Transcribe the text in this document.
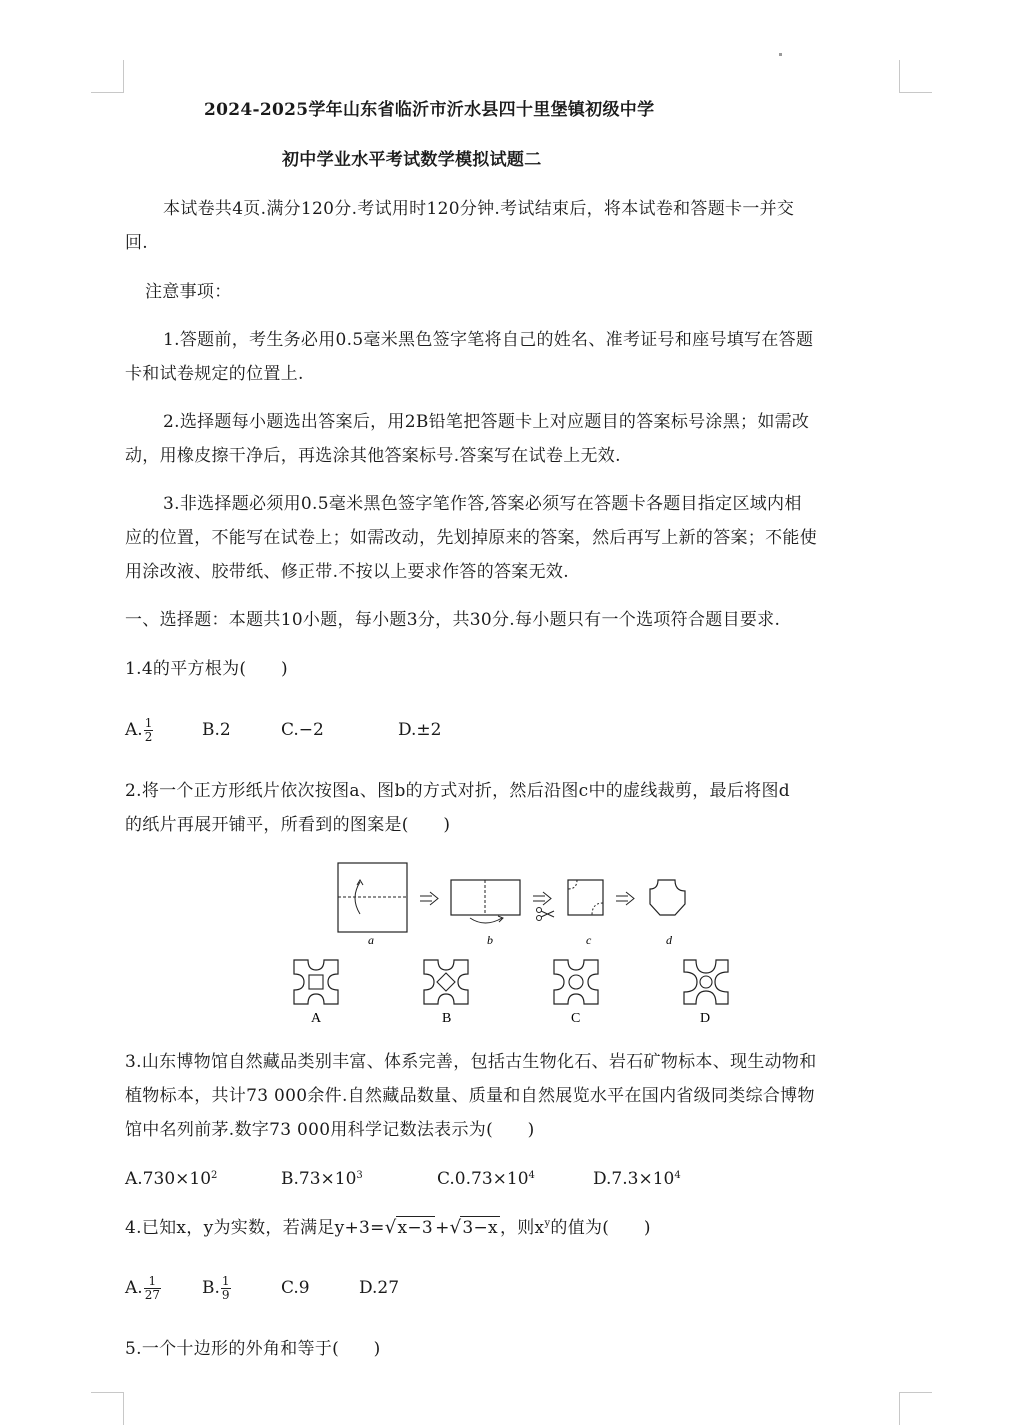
2024-2025学年山东省临沂市沂水县四十里堡镇初级中学
初中学业水平考试数学模拟试题二
本试卷共4页.满分120分.考试用时120分钟.考试结束后，将本试卷和答题卡一并交
回.
注意事项：
1.答题前，考生务必用0.5毫米黑色签字笔将自己的姓名、准考证号和座号填写在答题
卡和试卷规定的位置上.
2.选择题每小题选出答案后，用2B铅笔把答题卡上对应题目的答案标号涂黑；如需改
动，用橡皮擦干净后，再选涂其他答案标号.答案写在试卷上无效.
3.非选择题必须用0.5毫米黑色签字笔作答,答案必须写在答题卡各题目指定区域内相
应的位置，不能写在试卷上；如需改动，先划掉原来的答案，然后再写上新的答案；不能使
用涂改液、胶带纸、修正带.不按以上要求作答的答案无效.
一、选择题：本题共10小题，每小题3分，共30分.每小题只有一个选项符合题目要求.
1.4的平方根为(　　)
A. $\frac{1}{2}$	B.2	C.−2	D.±2
2.将一个正方形纸片依次按图a、图b的方式对折，然后沿图c中的虚线裁剪，最后将图d
的纸片再展开铺平，所看到的图案是(　　)
a	b	c	d
A	B	C	D
3.山东博物馆自然藏品类别丰富、体系完善，包括古生物化石、岩石矿物标本、现生动物和
植物标本，共计73 000余件.自然藏品数量、质量和自然展览水平在国内省级同类综合博物
馆中名列前茅.数字73 000用科学记数法表示为(　　)
$A.730\times 10^2$	$B.73\times 10^3$	$C.0.73\times 10^4$	$D.7.3\times 10^4$
4.已知x，y为实数，若满足y+3=√x−3 +√3−x ，则$x^y$的值为(　　)
A. $\frac{1}{27} B$. $\frac{1}{9}$	C.9	D.27
5.一个十边形的外角和等于(　　)
